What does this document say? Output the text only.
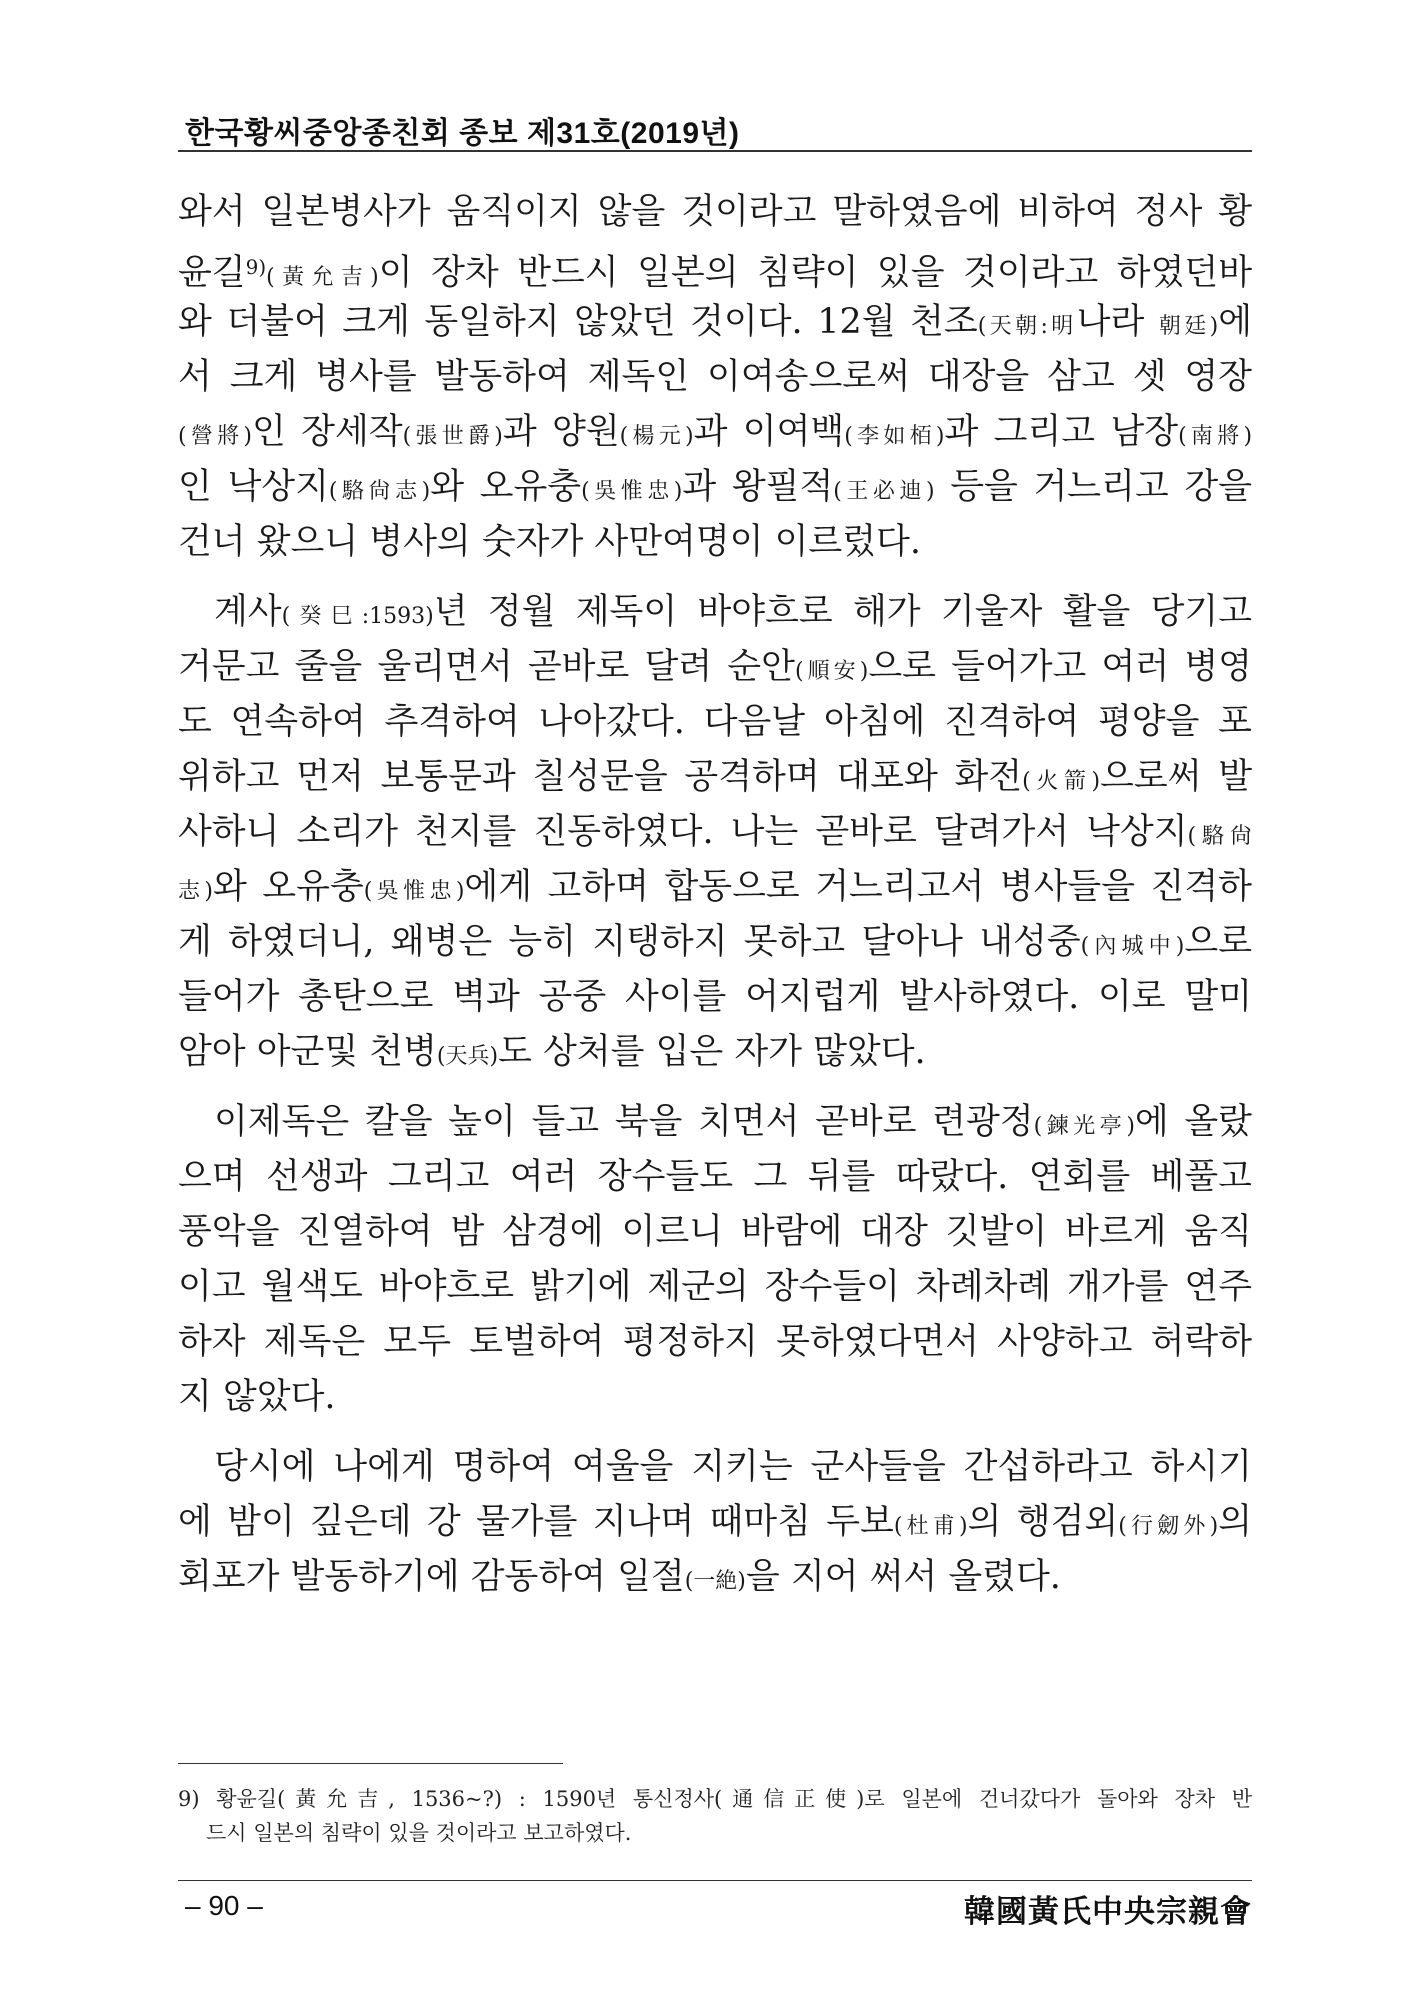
한국황씨중앙종친회 종보 제31호(2019년)
와서 일본병사가 움직이지 않을 것이라고 말하였음에 비하여 정사 황
윤길$^{9)}$(黃允吉)이 장차 반드시 일본의 침략이 있을 것이라고 하였던바
와 더불어 크게 동일하지 않았던 것이다. 12월 천조(天朝:明나라 朝廷)에
서 크게 병사를 발동하여 제독인 이여송으로써 대장을 삼고 셋 영장
(營將)인 장세작(張世爵)과 양원(楊元)과 이여백(李如栢)과 그리고 남장(南將)
인 낙상지(駱尙志)와 오유충(吳惟忠)과 왕필적(王必迪) 등을 거느리고 강을
건너 왔으니 병사의 숫자가 사만여명이 이르렀다.
계사(癸巳:1593)년 정월 제독이 바야흐로 해가 기울자 활을 당기고
거문고 줄을 울리면서 곧바로 달려 순안(順安)으로 들어가고 여러 병영
도 연속하여 추격하여 나아갔다. 다음날 아침에 진격하여 평양을 포
위하고 먼저 보통문과 칠성문을 공격하며 대포와 화전(火箭)으로써 발
사하니 소리가 천지를 진동하였다. 나는 곧바로 달려가서 낙상지(駱尙
志)와 오유충(吳惟忠)에게 고하며 합동으로 거느리고서 병사들을 진격하
게 하였더니, 왜병은 능히 지탱하지 못하고 달아나 내성중(內城中)으로
들어가 총탄으로 벽과 공중 사이를 어지럽게 발사하였다. 이로 말미
암아 아군및 천병(天兵)도 상처를 입은 자가 많았다.
이제독은 칼을 높이 들고 북을 치면서 곧바로 련광정(鍊光亭)에 올랐
으며 선생과 그리고 여러 장수들도 그 뒤를 따랐다. 연회를 베풀고
풍악을 진열하여 밤 삼경에 이르니 바람에 대장 깃발이 바르게 움직
이고 월색도 바야흐로 밝기에 제군의 장수들이 차례차례 개가를 연주
하자 제독은 모두 토벌하여 평정하지 못하였다면서 사양하고 허락하
지 않았다.
당시에 나에게 명하여 여울을 지키는 군사들을 간섭하라고 하시기
에 밤이 깊은데 강 물가를 지나며 때마침 두보(杜甫)의 행검외(行劒外)의
회포가 발동하기에 감동하여 일절(一絶)을 지어 써서 올렸다.
9) 황윤길(黃允吉, 1536~?) : 1590년 통신정사(通信正使)로 일본에 건너갔다가 돌아와 장차 반
드시 일본의 침략이 있을 것이라고 보고하였다.
– 90 –	韓國黃氏中央宗親會
